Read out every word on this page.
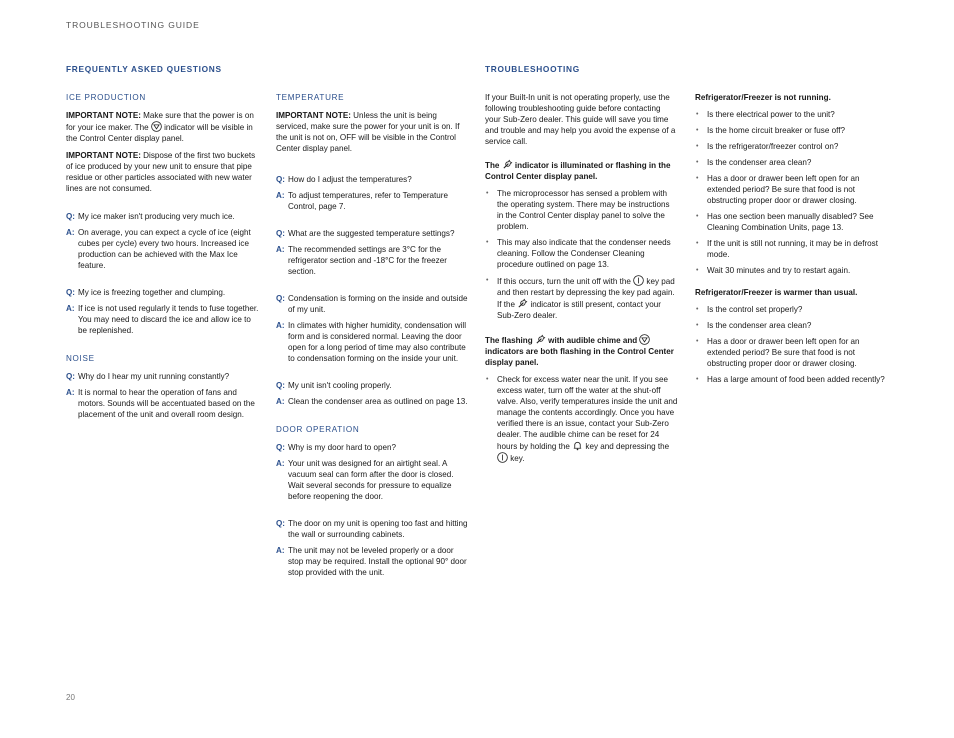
TROUBLESHOOTING GUIDE
FREQUENTLY ASKED QUESTIONS
ICE PRODUCTION

IMPORTANT NOTE: Make sure that the power is on for your ice maker. The
indicator will be visible in the Control Center display panel.

IMPORTANT NOTE: Dispose of the first two buckets of ice produced by your new unit to ensure that pipe residue or other particles associated with new water lines are not consumed.

Q: My ice maker isn't producing very much ice.
A: On average, you can expect a cycle of ice (eight cubes per cycle) every two hours. Increased ice production can be achieved with the Max Ice feature.
Q: My ice is freezing together and clumping.
A: If ice is not used regularly it tends to fuse together. You may need to discard the ice and allow ice to be replenished.
NOISE
Q: Why do I hear my unit running constantly?
A: It is normal to hear the operation of fans and motors. Sounds will be accentuated based on the placement of the unit and overall room design.
TEMPERATURE

IMPORTANT NOTE: Unless the unit is being serviced, make sure the power for your unit is on. If the unit is not on, OFF will be visible in the Control Center display panel.

Q: How do I adjust the temperatures?
A: To adjust temperatures, refer to Temperature Control, page 7.
Q: What are the suggested temperature settings?
A: The recommended settings are 3°C for the refrigerator section and -18°C for the freezer section.
Q: Condensation is forming on the inside and outside of my unit.
A: In climates with higher humidity, condensation will form and is considered normal. Leaving the door open for a long period of time may also contribute to condensation forming on the inside your unit.
Q: My unit isn't cooling properly.
A: Clean the condenser area as outlined on page 13.
DOOR OPERATION
Q: Why is my door hard to open?
A: Your unit was designed for an airtight seal. A vacuum seal can form after the door is closed. Wait several seconds for pressure to equalize before reopening the door.
Q: The door on my unit is opening too fast and hitting the wall or surrounding cabinets.
A: The unit may not be leveled properly or a door stop may be required. Install the optional 90° door stop provided with the unit.
TROUBLESHOOTING

If your Built-In unit is not operating properly, use the following troubleshooting guide before contacting your Sub-Zero dealer. This guide will save you time and trouble and may help you avoid the expense of a service call.

The
indicator is illuminated or flashing in the Control Center display panel.
• The microprocessor has sensed a problem with the operating system. There may be instructions in the Control Center display panel to solve the problem.
• This may also indicate that the condenser needs cleaning. Follow the Condenser Cleaning procedure outlined on page 13.
• If this occurs, turn the unit off with the
key pad and then restart by depressing the key pad again. If the
indicator is still present, contact your Sub-Zero dealer.
The flashing
with audible chime and
indicators are both flashing in the Control Center display panel.
• Check for excess water near the unit. If you see excess water, turn off the water at the shut-off valve. Also, verify temperatures inside the unit and manage the contents accordingly. Once you have verified there is an issue, contact your Sub-Zero dealer. The audible chime can be reset for 24 hours by holding the
key and depressing the
key.
Refrigerator/Freezer is not running.
• Is there electrical power to the unit?
• Is the home circuit breaker or fuse off?
• Is the refrigerator/freezer control on?
• Is the condenser area clean?
• Has a door or drawer been left open for an extended period? Be sure that food is not obstructing proper door or drawer closing.
• Has one section been manually disabled? See Cleaning Combination Units, page 13.
• If the unit is still not running, it may be in defrost mode.
• Wait 30 minutes and try to restart again.
Refrigerator/Freezer is warmer than usual.
• Is the control set properly?
• Is the condenser area clean?
• Has a door or drawer been left open for an extended period? Be sure that food is not obstructing proper door or drawer closing.
• Has a large amount of food been added recently?
20
